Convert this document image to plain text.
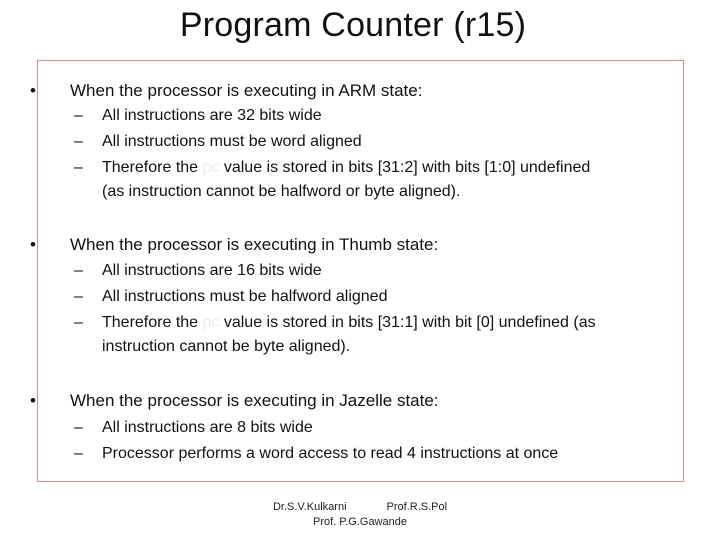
Program Counter (r15)
• When the processor is executing in ARM state:
– All instructions are 32 bits wide
– All instructions must be word aligned
– Therefore the pc value is stored in bits [31:2] with bits [1:0] undefined
(as instruction cannot be halfword or byte aligned).
• When the processor is executing in Thumb state:
– All instructions are 16 bits wide
– All instructions must be halfword aligned
– Therefore the pc value is stored in bits [31:1] with bit [0] undefined (as
instruction cannot be byte aligned).
• When the processor is executing in Jazelle state:
– All instructions are 8 bits wide
– Processor performs a word access to read 4 instructions at once
Dr.S.V.Kulkarni	Prof.R.S.Pol
Prof. P.G.Gawande
